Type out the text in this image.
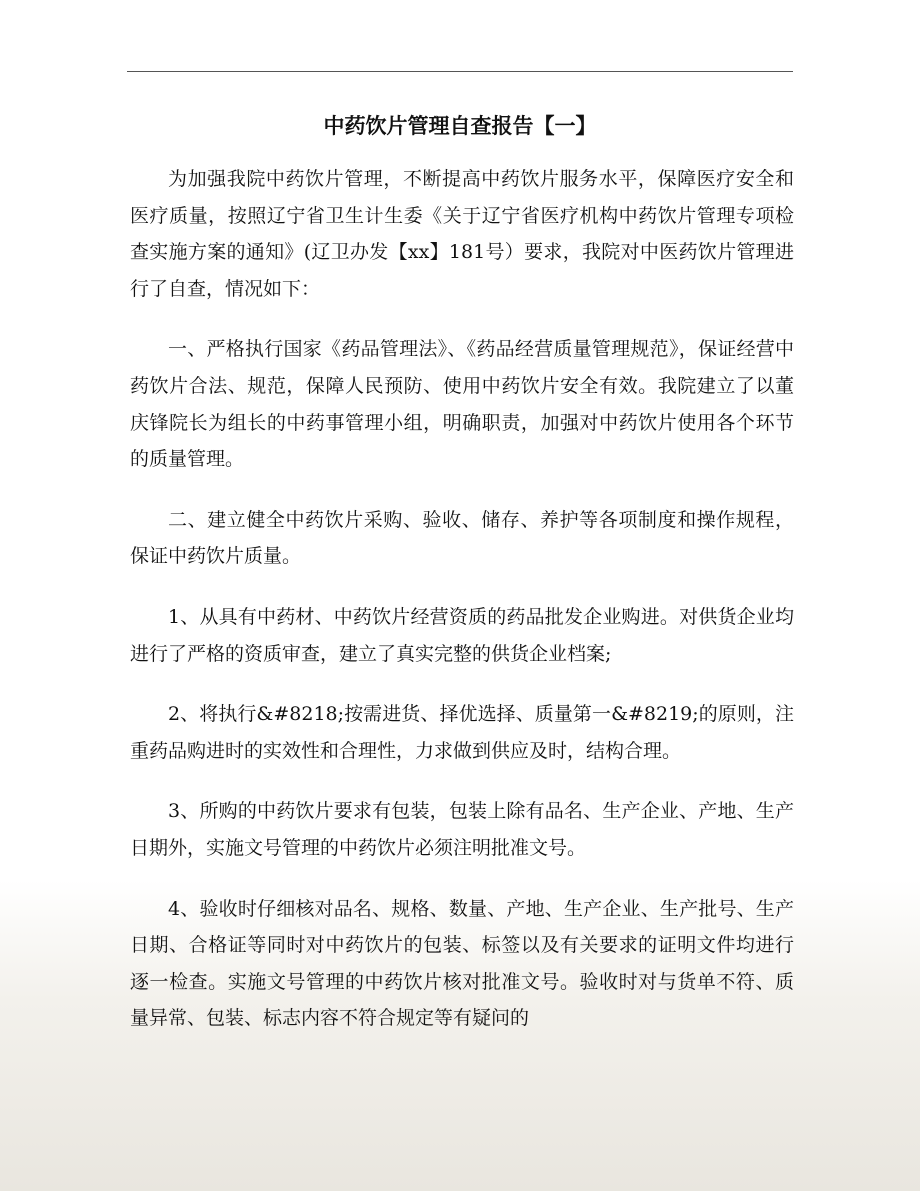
中药饮片管理自查报告【一】

为加强我院中药饮片管理，不断提高中药饮片服务水平，保障医疗安全和医疗质量，按照辽宁省卫生计生委《关于辽宁省医疗机构中药饮片管理专项检查实施方案的通知》(辽卫办发【xx】181号）要求，我院对中医药饮片管理进行了自查，情况如下：

一、严格执行国家《药品管理法》、《药品经营质量管理规范》，保证经营中药饮片合法、规范，保障人民预防、使用中药饮片安全有效。我院建立了以董庆锋院长为组长的中药事管理小组，明确职责，加强对中药饮片使用各个环节的质量管理。

二、建立健全中药饮片采购、验收、储存、养护等各项制度和操作规程，保证中药饮片质量。

1、从具有中药材、中药饮片经营资质的药品批发企业购进。对供货企业均进行了严格的资质审查，建立了真实完整的供货企业档案;

2、将执行&#8218;按需进货、择优选择、质量第一&#8219;的原则，注重药品购进时的实效性和合理性，力求做到供应及时，结构合理。

3、所购的中药饮片要求有包装，包装上除有品名、生产企业、产地、生产日期外，实施文号管理的中药饮片必须注明批准文号。

4、验收时仔细核对品名、规格、数量、产地、生产企业、生产批号、生产日期、合格证等同时对中药饮片的包装、标签以及有关要求的证明文件均进行逐一检查。实施文号管理的中药饮片核对批准文号。验收时对与货单不符、质量异常、包装、标志内容不符合规定等有疑问的
